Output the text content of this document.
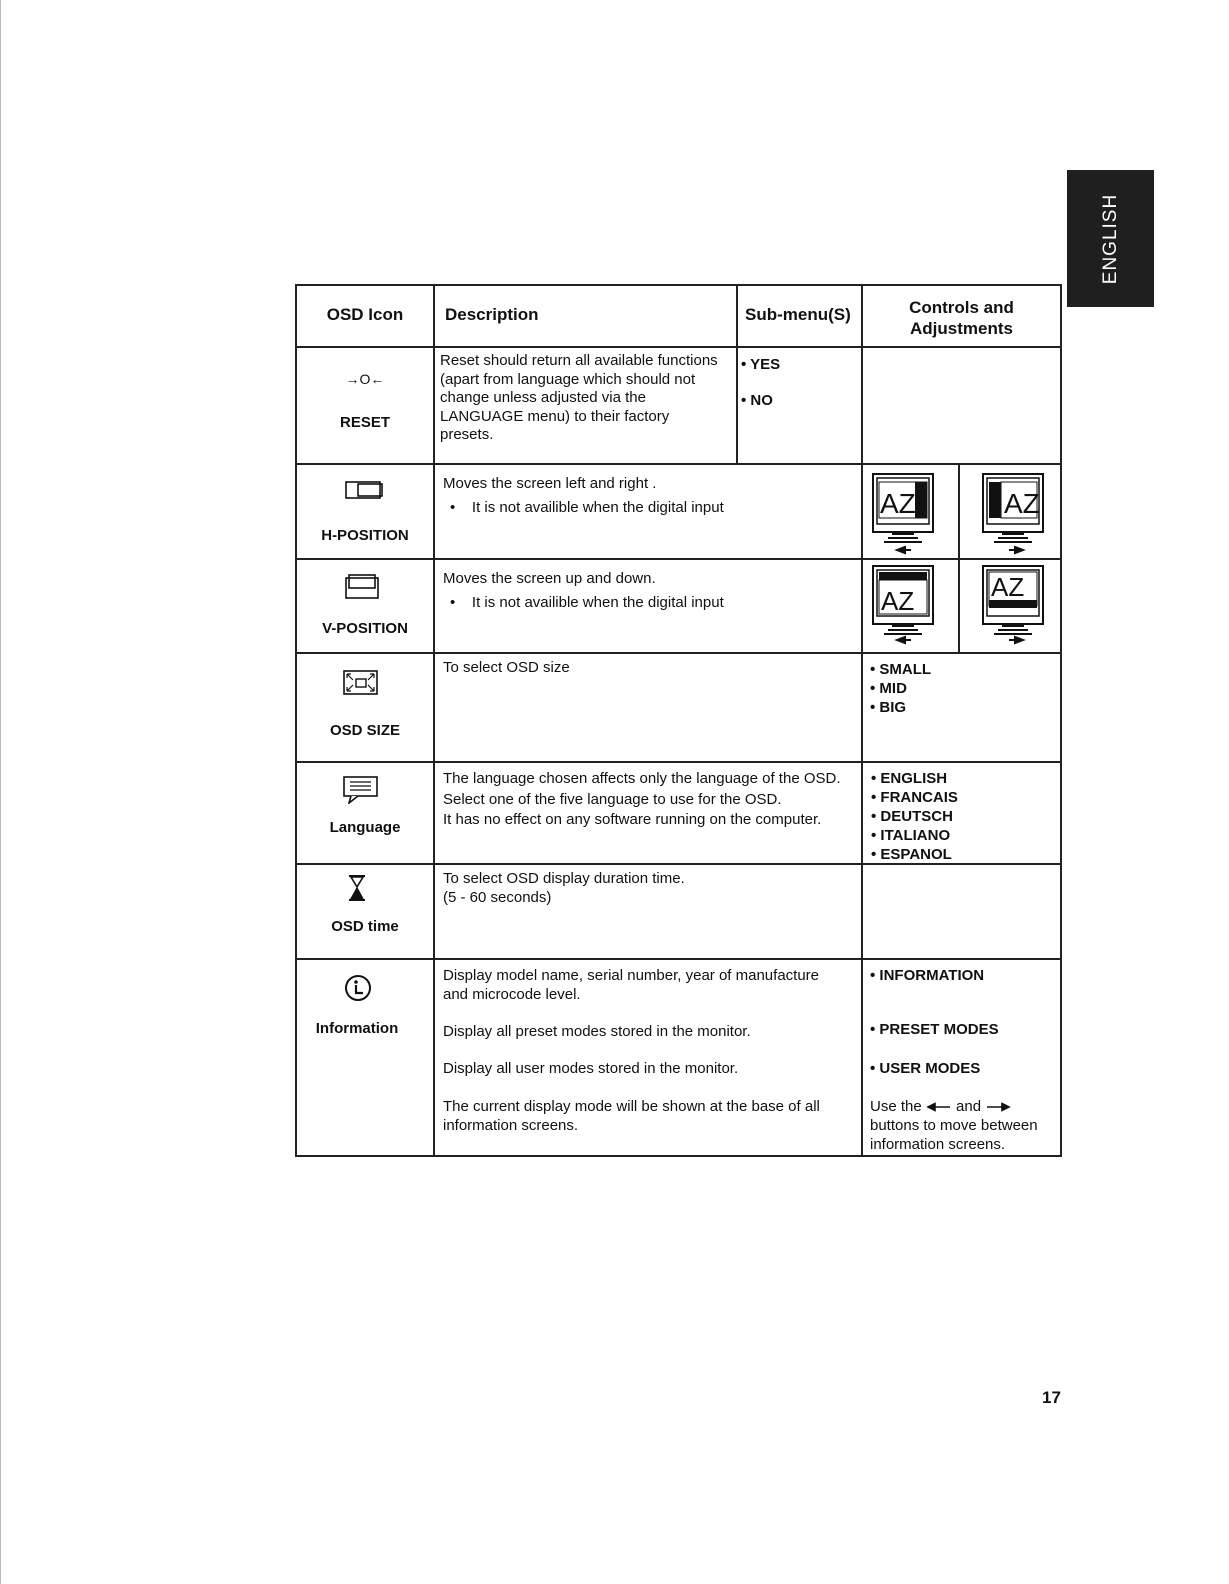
ENGLISH
OSD Icon	Description	Sub-menu(S)	Controls and
Adjustments
→O←
RESET
Reset should return all available functions
(apart from language which should not
change unless adjusted via the
LANGUAGE menu) to their factory
presets.
• YES
• NO
H-POSITION
Moves the screen left and right .
•    It is not availible when the digital input	AZ	AZ
V-POSITION
Moves the screen up and down.
•    It is not availible when the digital input	AZ	AZ
OSD SIZE
To select OSD size
•	SMALL
• MID
• BIG
Language
The language chosen affects only the language of the OSD.
Select one of the five language to use for the OSD.
It has no effect on any software running on the computer.
• ENGLISH
• FRANCAIS
• DEUTSCH
• ITALIANO
• ESPANOL
OSD time
To select OSD display duration time.
(5 - 60 seconds)
Information
Display model name, serial number, year of manufacture
and microcode level.
• INFORMATION
Display all preset modes stored in the monitor.	• PRESET MODES
Display all user modes stored in the monitor.	• USER MODES
The current display mode will be shown at the base of all
information screens.
Use the and
buttons to move between
information screens.
17
